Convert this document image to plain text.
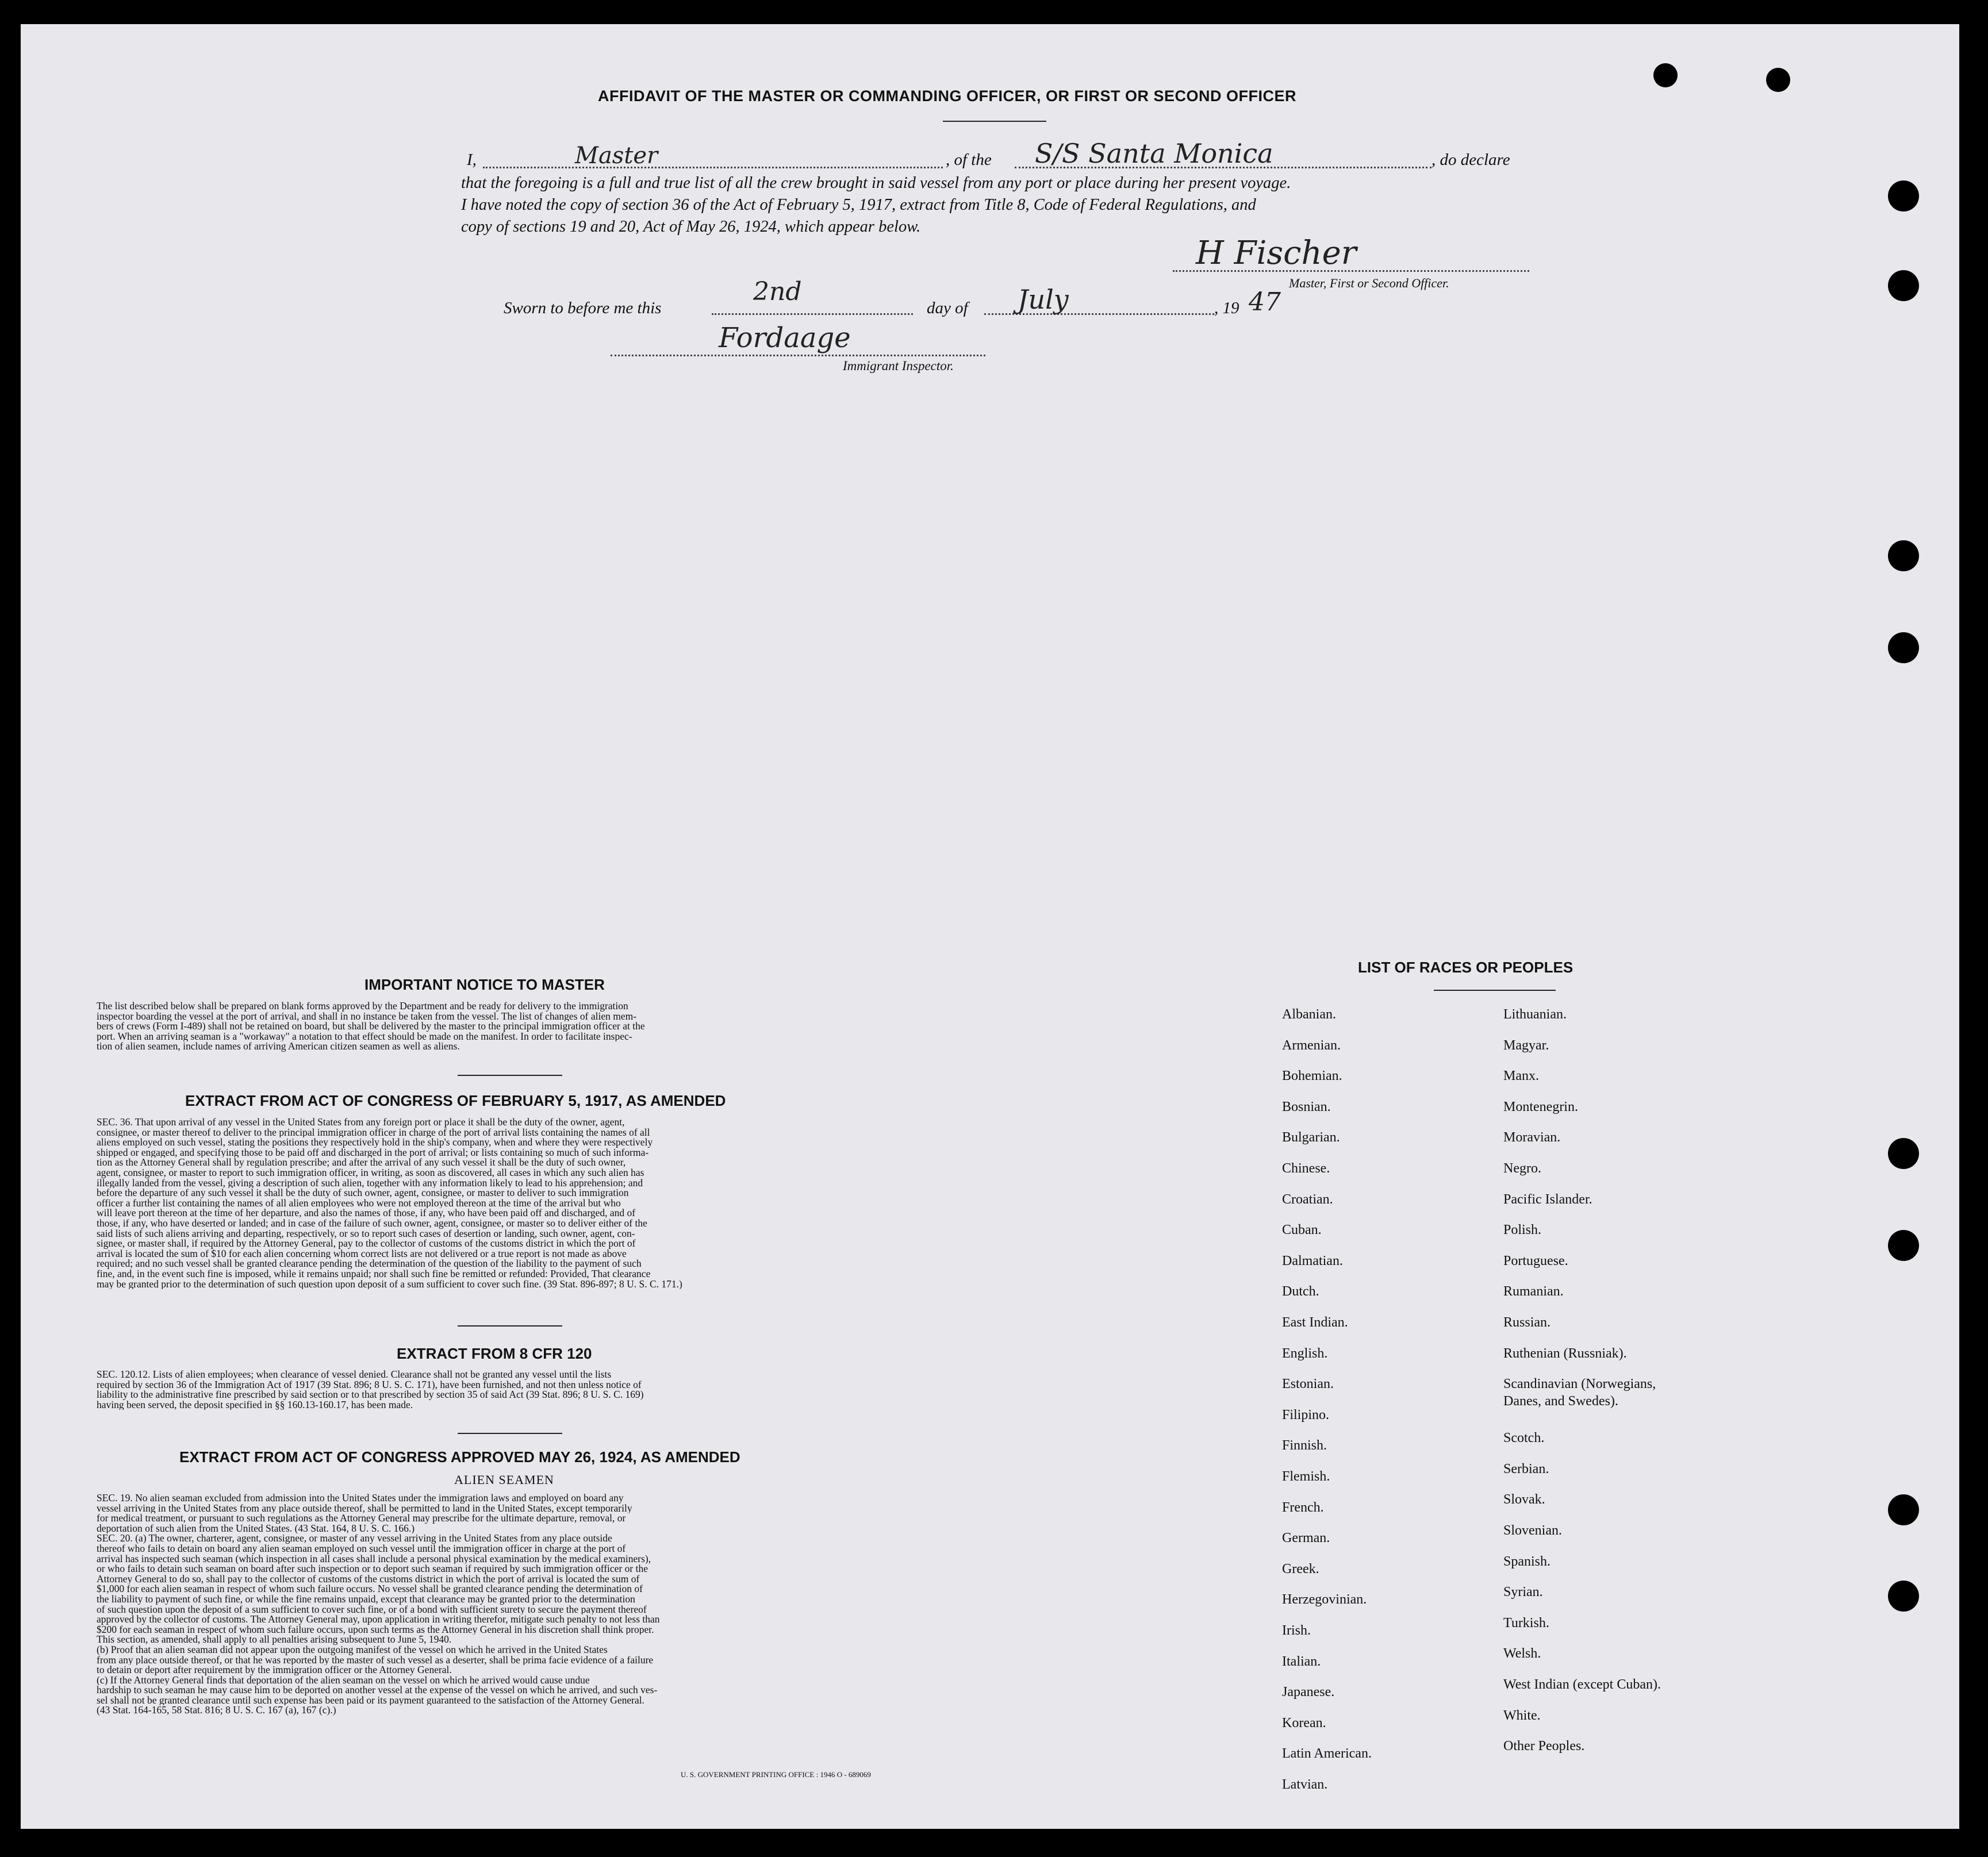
AFFIDAVIT OF THE MASTER OR COMMANDING OFFICER, OR FIRST OR SECOND OFFICER
I,	Master	, of the S/S Santa Monica	, do declare
that the foregoing is a full and true list of all the crew brought in said vessel from any port or place during her present voyage.
I have noted the copy of section 36 of the Act of February 5, 1917, extract from Title 8, Code of Federal Regulations, and
copy of sections 19 and 20, Act of May 26, 1924, which appear below.
H Fischer
Master, First or Second Officer.
Sworn to before me this
2nd
day of July	, 19 47
Fordaage
Immigrant Inspector.
IMPORTANT NOTICE TO MASTER
The list described below shall be prepared on blank forms approved by the Department and be ready for delivery to the immigration
inspector boarding the vessel at the port of arrival, and shall in no instance be taken from the vessel. The list of changes of alien mem-
bers of crews (Form I-489) shall not be retained on board, but shall be delivered by the master to the principal immigration officer at the
port. When an arriving seaman is a "workaway" a notation to that effect should be made on the manifest. In order to facilitate inspec-
tion of alien seamen, include names of arriving American citizen seamen as well as aliens.
EXTRACT FROM ACT OF CONGRESS OF FEBRUARY 5, 1917, AS AMENDED
SEC. 36. That upon arrival of any vessel in the United States from any foreign port or place it shall be the duty of the owner, agent,
consignee, or master thereof to deliver to the principal immigration officer in charge of the port of arrival lists containing the names of all
aliens employed on such vessel, stating the positions they respectively hold in the ship's company, when and where they were respectively
shipped or engaged, and specifying those to be paid off and discharged in the port of arrival; or lists containing so much of such informa-
tion as the Attorney General shall by regulation prescribe; and after the arrival of any such vessel it shall be the duty of such owner,
agent, consignee, or master to report to such immigration officer, in writing, as soon as discovered, all cases in which any such alien has
illegally landed from the vessel, giving a description of such alien, together with any information likely to lead to his apprehension; and
before the departure of any such vessel it shall be the duty of such owner, agent, consignee, or master to deliver to such immigration
officer a further list containing the names of all alien employees who were not employed thereon at the time of the arrival but who
will leave port thereon at the time of her departure, and also the names of those, if any, who have been paid off and discharged, and of
those, if any, who have deserted or landed; and in case of the failure of such owner, agent, consignee, or master so to deliver either of the
said lists of such aliens arriving and departing, respectively, or so to report such cases of desertion or landing, such owner, agent, con-
signee, or master shall, if required by the Attorney General, pay to the collector of customs of the customs district in which the port of
arrival is located the sum of $10 for each alien concerning whom correct lists are not delivered or a true report is not made as above
required; and no such vessel shall be granted clearance pending the determination of the question of the liability to the payment of such
fine, and, in the event such fine is imposed, while it remains unpaid; nor shall such fine be remitted or refunded: Provided, That clearance
may be granted prior to the determination of such question upon deposit of a sum sufficient to cover such fine. (39 Stat. 896-897; 8 U. S. C. 171.)
EXTRACT FROM 8 CFR 120
SEC. 120.12. Lists of alien employees; when clearance of vessel denied. Clearance shall not be granted any vessel until the lists
required by section 36 of the Immigration Act of 1917 (39 Stat. 896; 8 U. S. C. 171), have been furnished, and not then unless notice of
liability to the administrative fine prescribed by said section or to that prescribed by section 35 of said Act (39 Stat. 896; 8 U. S. C. 169)
having been served, the deposit specified in §§ 160.13-160.17, has been made.
EXTRACT FROM ACT OF CONGRESS APPROVED MAY 26, 1924, AS AMENDED
ALIEN SEAMEN
SEC. 19. No alien seaman excluded from admission into the United States under the immigration laws and employed on board any
vessel arriving in the United States from any place outside thereof, shall be permitted to land in the United States, except temporarily
for medical treatment, or pursuant to such regulations as the Attorney General may prescribe for the ultimate departure, removal, or
deportation of such alien from the United States. (43 Stat. 164, 8 U. S. C. 166.)
SEC. 20. (a) The owner, charterer, agent, consignee, or master of any vessel arriving in the United States from any place outside
thereof who fails to detain on board any alien seaman employed on such vessel until the immigration officer in charge at the port of
arrival has inspected such seaman (which inspection in all cases shall include a personal physical examination by the medical examiners),
or who fails to detain such seaman on board after such inspection or to deport such seaman if required by such immigration officer or the
Attorney General to do so, shall pay to the collector of customs of the customs district in which the port of arrival is located the sum of
$1,000 for each alien seaman in respect of whom such failure occurs. No vessel shall be granted clearance pending the determination of
the liability to payment of such fine, or while the fine remains unpaid, except that clearance may be granted prior to the determination
of such question upon the deposit of a sum sufficient to cover such fine, or of a bond with sufficient surety to secure the payment thereof
approved by the collector of customs. The Attorney General may, upon application in writing therefor, mitigate such penalty to not less than
$200 for each seaman in respect of whom such failure occurs, upon such terms as the Attorney General in his discretion shall think proper.
This section, as amended, shall apply to all penalties arising subsequent to June 5, 1940.
(b) Proof that an alien seaman did not appear upon the outgoing manifest of the vessel on which he arrived in the United States
from any place outside thereof, or that he was reported by the master of such vessel as a deserter, shall be prima facie evidence of a failure
to detain or deport after requirement by the immigration officer or the Attorney General.
(c) If the Attorney General finds that deportation of the alien seaman on the vessel on which he arrived would cause undue
hardship to such seaman he may cause him to be deported on another vessel at the expense of the vessel on which he arrived, and such ves-
sel shall not be granted clearance until such expense has been paid or its payment guaranteed to the satisfaction of the Attorney General.
(43 Stat. 164-165, 58 Stat. 816; 8 U. S. C. 167 (a), 167 (c).)
U. S. GOVERNMENT PRINTING OFFICE : 1946 O - 689069
LIST OF RACES OR PEOPLES
Albanian.
Armenian.
Bohemian.
Bosnian.
Bulgarian.
Chinese.
Croatian.
Cuban.
Dalmatian.
Dutch.
East Indian.
English.
Estonian.
Filipino.
Finnish.
Flemish.
French.
German.
Greek.
Herzegovinian.
Irish.
Italian.
Japanese.
Korean.
Latin American.
Latvian.
Lithuanian.
Magyar.
Manx.
Montenegrin.
Moravian.
Negro.
Pacific Islander.
Polish.
Portuguese.
Rumanian.
Russian.
Ruthenian (Russniak).
Scandinavian (Norwegians,
Danes, and Swedes).
Scotch.
Serbian.
Slovak.
Slovenian.
Spanish.
Syrian.
Turkish.
Welsh.
West Indian (except Cuban).
White.
Other Peoples.
